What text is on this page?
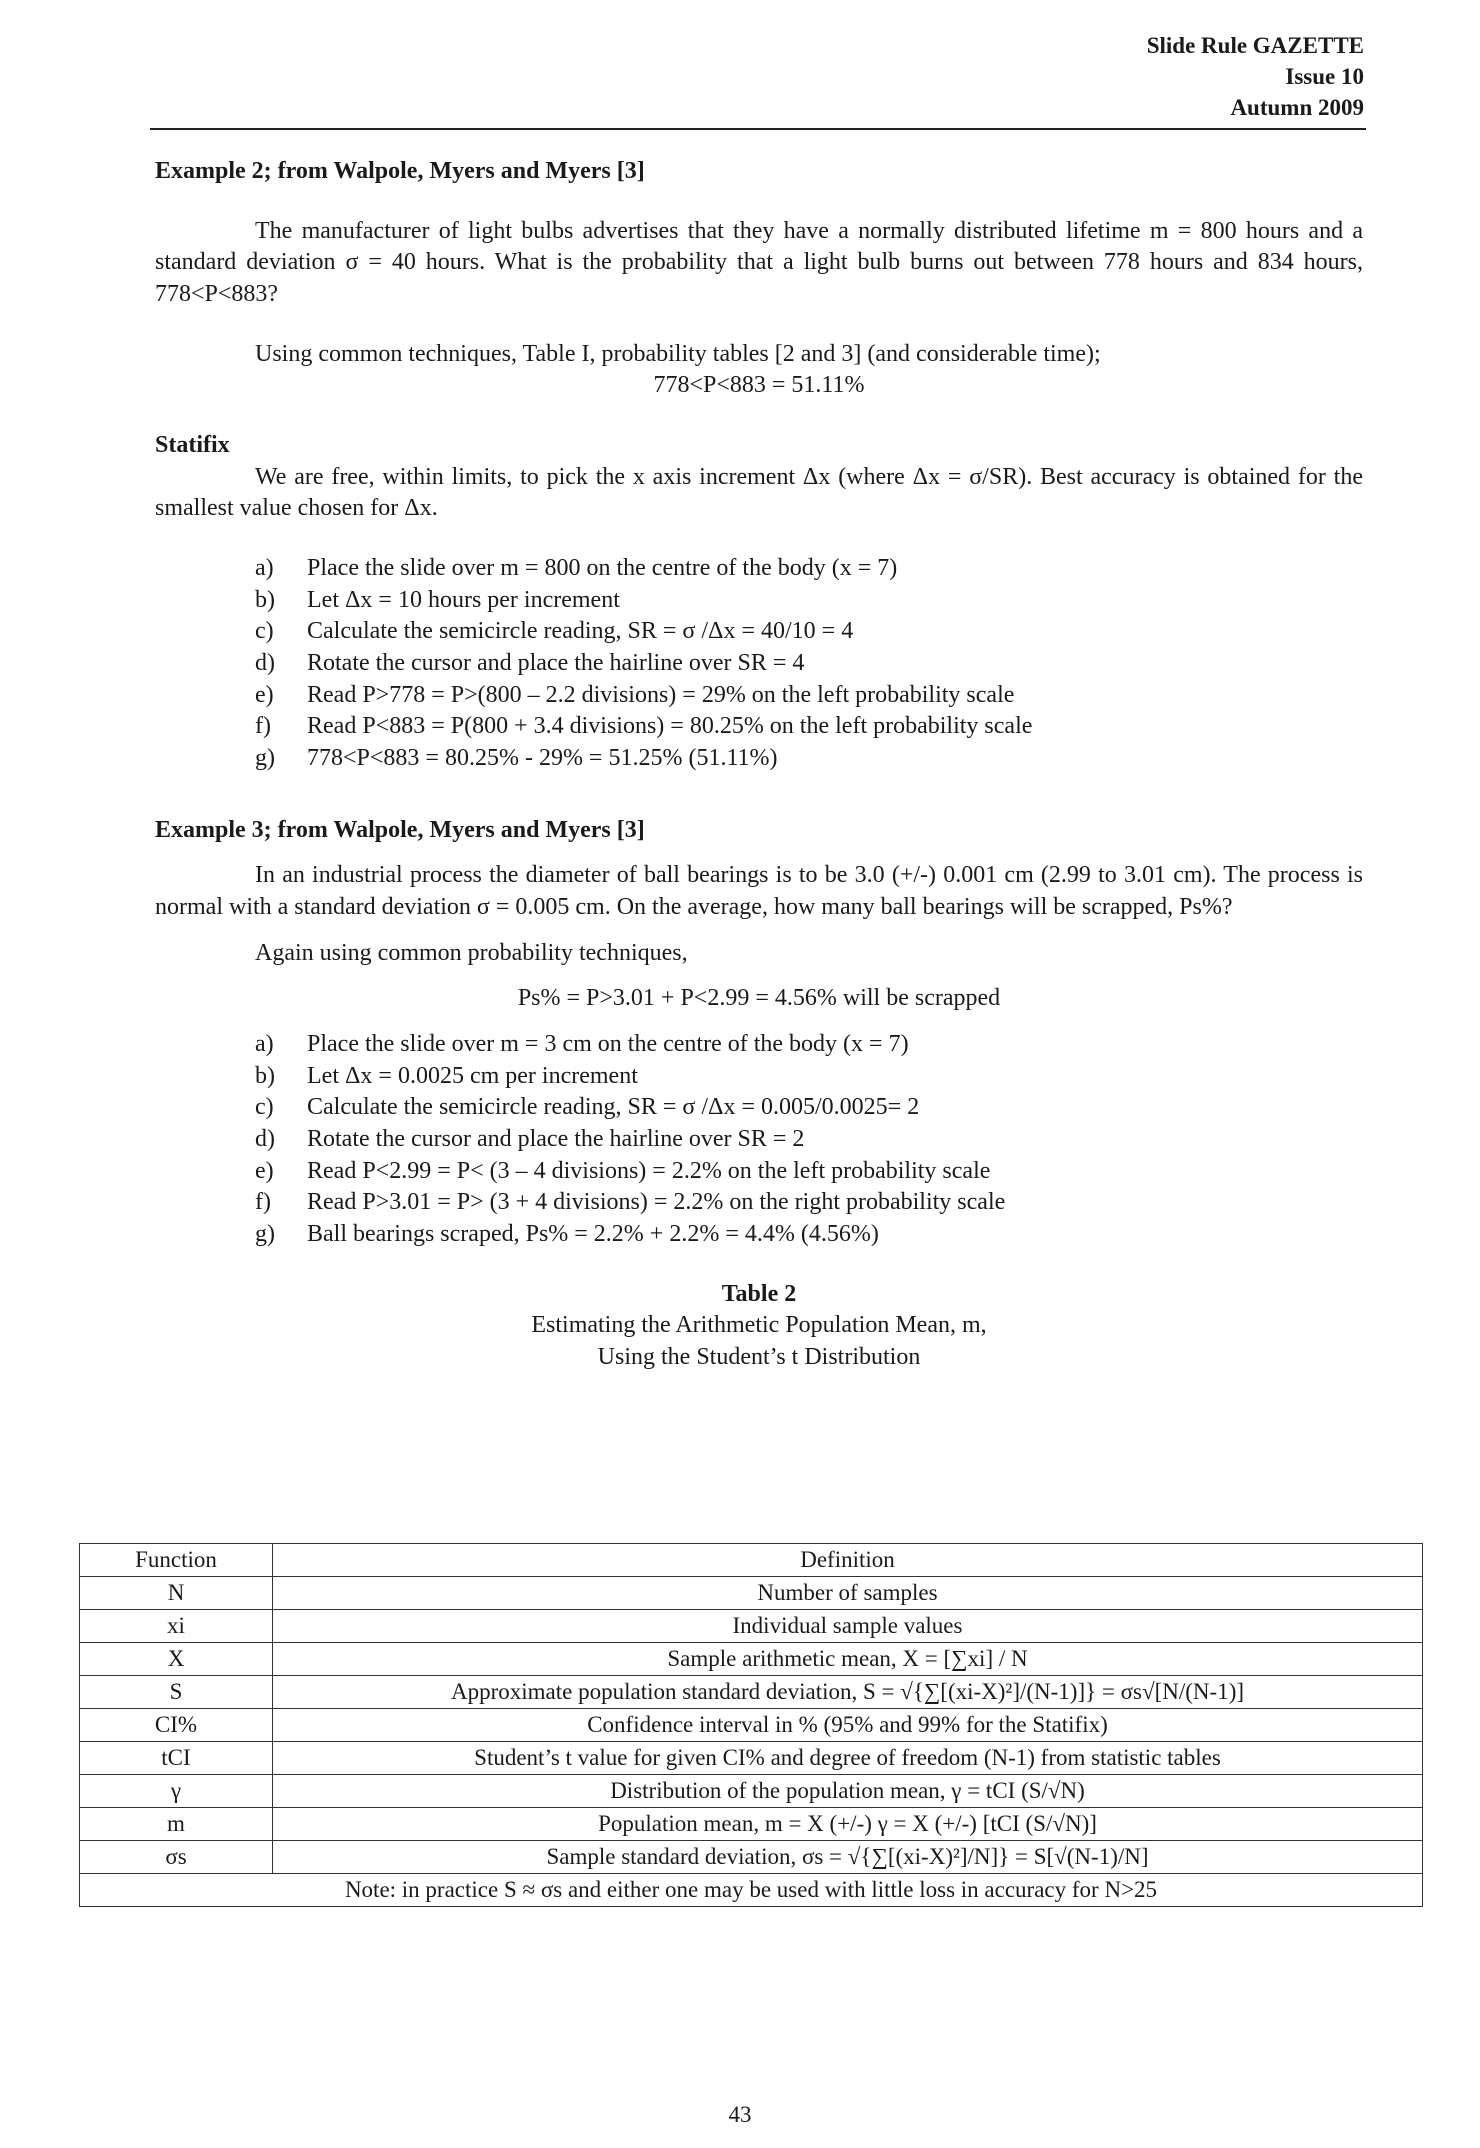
Slide Rule GAZETTE
Issue 10
Autumn 2009

Example 2; from Walpole, Myers and Myers [3]

The manufacturer of light bulbs advertises that they have a normally distributed lifetime m = 800 hours and a standard deviation σ = 40 hours. What is the probability that a light bulb burns out between 778 hours and 834 hours, 778<P<883?

Using common techniques, Table I, probability tables [2 and 3] (and considerable time);

778<P<883 = 51.11%

Statifix

We are free, within limits, to pick the x axis increment Δx (where Δx = σ/SR). Best accuracy is obtained for the smallest value chosen for Δx.

a)	Place the slide over m = 800 on the centre of the body (x = 7)
b)	Let Δx = 10 hours per increment
c)	Calculate the semicircle reading, SR = σ /Δx = 40/10 = 4
d)	Rotate the cursor and place the hairline over SR = 4
e)	Read P>778 = P>(800 – 2.2 divisions) = 29% on the left probability scale
f)	Read P<883 = P(800 + 3.4 divisions) = 80.25% on the left probability scale
g)	778<P<883 = 80.25% - 29% = 51.25% (51.11%)

Example 3; from Walpole, Myers and Myers [3]

In an industrial process the diameter of ball bearings is to be 3.0 (+/-) 0.001 cm (2.99 to 3.01 cm). The process is normal with a standard deviation σ = 0.005 cm. On the average, how many ball bearings will be scrapped, Ps%?

Again using common probability techniques,

Ps% = P>3.01 + P<2.99 = 4.56% will be scrapped

a)	Place the slide over m = 3 cm on the centre of the body (x = 7)
b)	Let Δx = 0.0025 cm per increment
c)	Calculate the semicircle reading, SR = σ /Δx = 0.005/0.0025= 2
d)	Rotate the cursor and place the hairline over SR = 2
e)	Read P<2.99 = P< (3 – 4 divisions) = 2.2% on the left probability scale
f)	Read P>3.01 = P> (3 + 4 divisions) = 2.2% on the right probability scale
g)	Ball bearings scraped, Ps% = 2.2% + 2.2% = 4.4% (4.56%)
Table 2
Estimating the Arithmetic Population Mean, m,
Using the Student’s t Distribution
Function	Definition
N	Number of samples
xi	Individual sample values
X	Sample arithmetic mean, X = [∑xi] / N
S	Approximate population standard deviation, S = √{∑[(xi-X)²]/(N-1)]} = σs√[N/(N-1)]
CI%	Confidence interval in % (95% and 99% for the Statifix)
tCI	Student’s t value for given CI% and degree of freedom (N-1) from statistic tables
γ	Distribution of the population mean, γ = tCI (S/√N)
m	Population mean, m = X (+/-) γ = X (+/-) [tCI (S/√N)]
σs	Sample standard deviation, σs = √{∑[(xi-X)²]/N]} = S[√(N-1)/N]
Note: in practice S ≈ σs and either one may be used with little loss in accuracy for N>25	
43
